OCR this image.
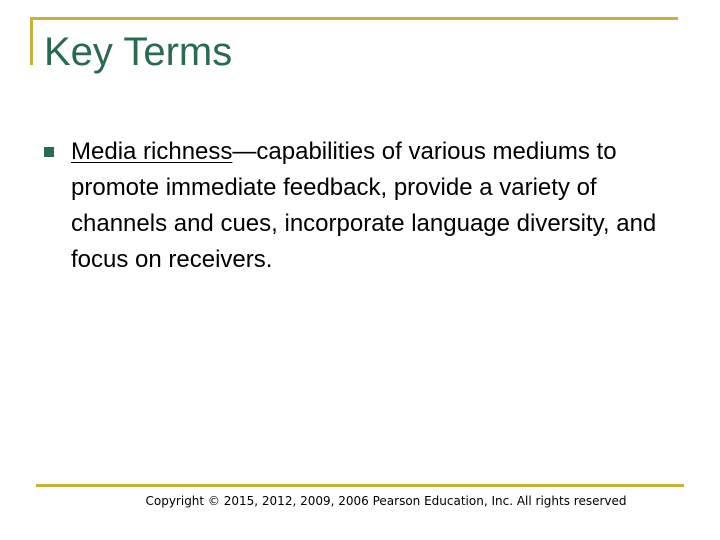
Key Terms

Media richness—capabilities of various mediums to promote immediate feedback, provide a variety of channels and cues, incorporate language diversity, and focus on receivers.

Copyright © 2015, 2012, 2009, 2006 Pearson Education, Inc. All rights reserved
